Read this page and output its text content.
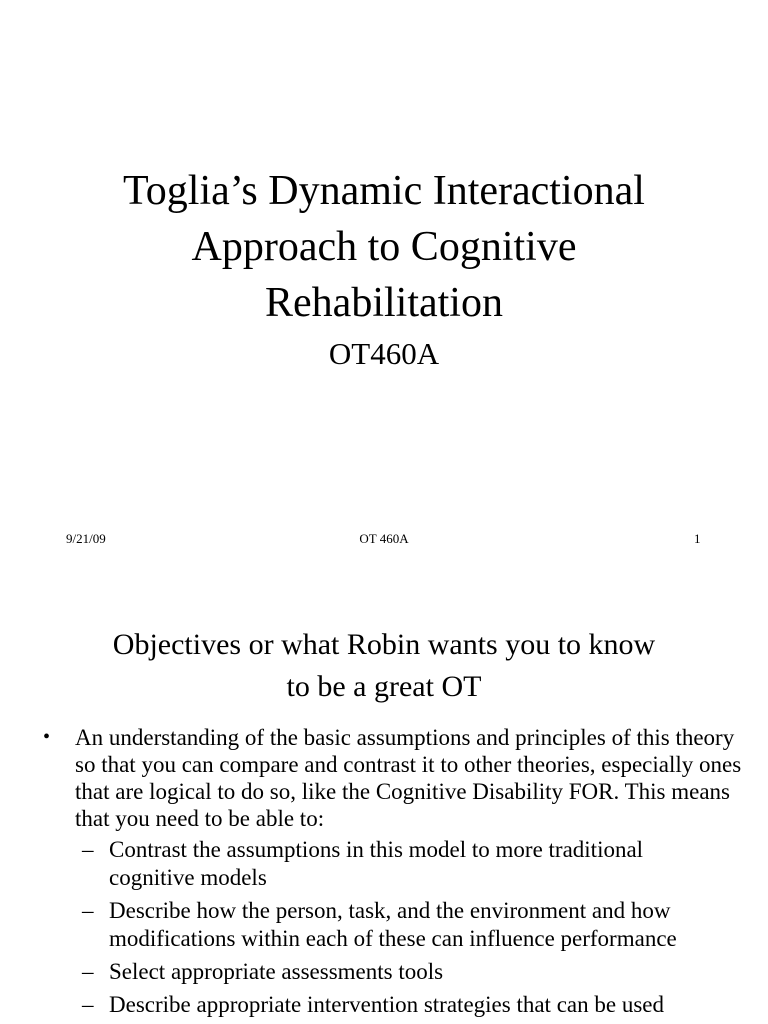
Toglia’s Dynamic Interactional
Approach to Cognitive
Rehabilitation
OT460A
9/21/09	OT 460A	1
Objectives or what Robin wants you to know
to be a great OT
• An understanding of the basic assumptions and principles of this theory so that you can compare and contrast it to other theories, especially ones that are logical to do so, like the Cognitive Disability FOR. This means that you need to be able to:
– Contrast the assumptions in this model to more traditional cognitive models
– Describe how the person, task, and the environment and how modifications within each of these can influence performance
– Select appropriate assessments tools
– Describe appropriate intervention strategies that can be used
